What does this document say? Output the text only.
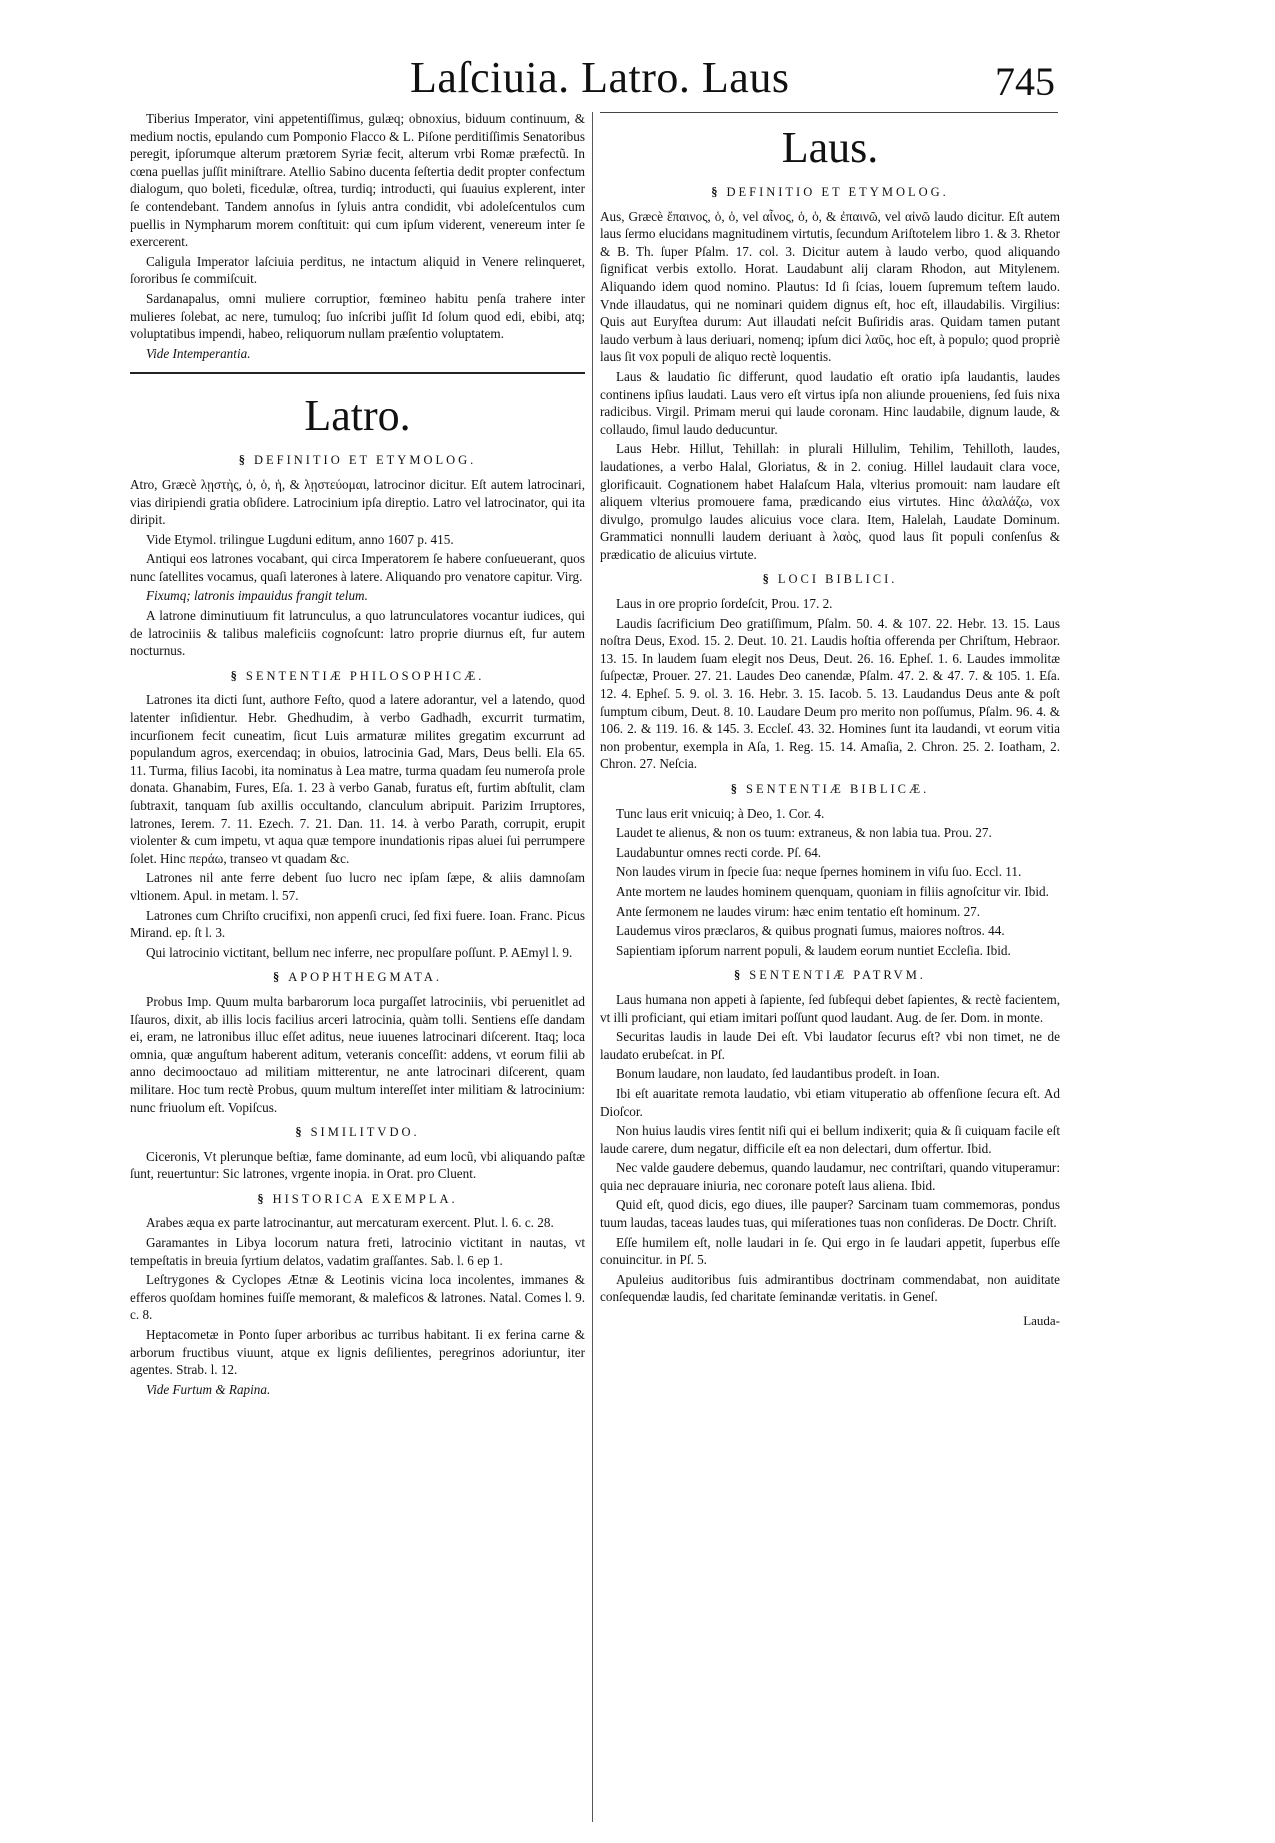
Laſciuia. Latro. Laus	745

Tiberius Imperator, vini appetentiſſimus, gulæq; obnoxius, biduum continuum, & medium noctis, epulando cum Pomponio Flacco & L. Piſone perditiſſimis Senatoribus peregit, ipſorumque alterum prætorem Syriæ fecit, alterum vrbi Romæ præfectũ. In cœna puellas juſſit miniſtrare. Atellio Sabino ducenta ſeſtertia dedit propter confectum dialogum, quo boleti, ficedulæ, oſtrea, turdiq; introducti, qui ſuauius explerent, inter ſe contendebant. Tandem annoſus in ſyluis antra condidit, vbi adoleſcentulos cum puellis in Nympharum morem conſtituit: qui cum ipſum viderent, venereum inter ſe exercerent.

Caligula Imperator laſciuia perditus, ne intactum aliquid in Venere relinqueret, ſororibus ſe commiſcuit.

Sardanapalus, omni muliere corruptior, fœmineo habitu penſa trahere inter mulieres ſolebat, ac nere, tumuloq; ſuo inſcribi juſſit Id ſolum quod edi, ebibi, atq; voluptatibus impendi, habeo, reliquorum nullam præſentio voluptatem.

Vide Intemperantia.

Latro.
§ DEFINITIO ET ETYMOLOG.

Atro, Græcè λῃστὴς, ὁ, ὁ, ἡ, & λῃστεύομαι, latrocinor dicitur. Eſt autem latrocinari, vias diripiendi gratia obſidere. Latrocinium ipſa direptio. Latro vel latrocinator, qui ita diripit.

Vide Etymol. trilingue Lugduni editum, anno 1607 p. 415.

Antiqui eos latrones vocabant, qui circa Imperatorem ſe habere conſueuerant, quos nunc ſatellites vocamus, quaſi laterones à latere. Aliquando pro venatore capitur. Virg.

Fixumq; latronis impauidus frangit telum.

A latrone diminutiuum fit latrunculus, a quo latrunculatores vocantur iudices, qui de latrociniis & talibus maleficiis cognoſcunt: latro proprie diurnus eſt, fur autem nocturnus.

§ SENTENTIÆ PHILOSOPHICÆ.

Latrones ita dicti ſunt, authore Feſto, quod a latere adorantur, vel a latendo, quod latenter inſidientur. Hebr. Ghedhudim, à verbo Gadhadh, excurrit turmatim, incurſionem fecit cuneatim, ſicut Luis armaturæ milites gregatim excurrunt ad populandum agros, exercendaq; in obuios, latrocinia Gad, Mars, Deus belli. Ela 65. 11. Turma, filius Iacobi, ita nominatus à Lea matre, turma quadam ſeu numeroſa prole donata. Ghanabim, Fures, Eſa. 1. 23 à verbo Ganab, furatus eſt, furtim abſtulit, clam ſubtraxit, tanquam ſub axillis occultando, clanculum abripuit. Parizim Irruptores, latrones, Ierem. 7. 11. Ezech. 7. 21. Dan. 11. 14. à verbo Parath, corrupit, erupit violenter & cum impetu, vt aqua quæ tempore inundationis ripas aluei ſui perrumpere ſolet. Hinc περάω, transeo vt quadam &c.

Latrones nil ante ferre debent ſuo lucro nec ipſam ſæpe, & aliis damnoſam vltionem. Apul. in metam. l. 57.

Latrones cum Chriſto crucifixi, non appenſi cruci, ſed fixi fuere. Ioan. Franc. Picus Mirand. ep. ſt l. 3.

Qui latrocinio victitant, bellum nec inferre, nec propulſare poſſunt. P. AEmyl l. 9.

§ APOPHTHEGMATA.

Probus Imp. Quum multa barbarorum loca purgaſſet latrociniis, vbi peruenitlet ad Iſauros, dixit, ab illis locis facilius arceri latrocinia, quàm tolli. Sentiens eſſe dandam ei, eram, ne latronibus illuc eſſet aditus, neue iuuenes latrocinari diſcerent. Itaq; loca omnia, quæ anguſtum haberent aditum, veteranis conceſſit: addens, vt eorum filii ab anno decimooctauo ad militiam mitterentur, ne ante latrocinari diſcerent, quam militare. Hoc tum rectè Probus, quum multum intereſſet inter militiam & latrocinium: nunc friuolum eſt. Vopiſcus.

§ SIMILITVDO.

Ciceronis, Vt plerunque beſtiæ, fame dominante, ad eum locũ, vbi aliquando paſtæ ſunt, reuertuntur: Sic latrones, vrgente inopia. in Orat. pro Cluent.

§ HISTORICA EXEMPLA.

Arabes æqua ex parte latrocinantur, aut mercaturam exercent. Plut. l. 6. c. 28.

Garamantes in Libya locorum natura freti, latrocinio victitant in nautas, vt tempeſtatis in breuia ſyrtium delatos, vadatim graſſantes. Sab. l. 6 ep 1.

Leſtrygones & Cyclopes Ætnæ & Leotinis vicina loca incolentes, immanes & efferos quoſdam homines fuiſſe memorant, & maleficos & latrones. Natal. Comes l. 9. c. 8.

Heptacometæ in Ponto ſuper arboribus ac turribus habitant. Ii ex ferina carne & arborum fructibus viuunt, atque ex lignis deſilientes, peregrinos adoriuntur, iter agentes. Strab. l. 12.

Vide Furtum & Rapina.

Laus.
§ DEFINITIO ET ETYMOLOG.

Aus, Græcè ἔπαινος, ὁ, ὁ, vel αἶνος, ὁ, ὁ, & ἐπαινῶ, vel αἰνῶ laudo dicitur. Eſt autem laus ſermo elucidans magnitudinem virtutis, ſecundum Ariſtotelem libro 1. & 3. Rhetor & B. Th. ſuper Pſalm. 17. col. 3. Dicitur autem à laudo verbo, quod aliquando ſignificat verbis extollo. Horat. Laudabunt alij claram Rhodon, aut Mitylenem. Aliquando idem quod nomino. Plautus: Id ſi ſcias, louem ſupremum teſtem laudo. Vnde illaudatus, qui ne nominari quidem dignus eſt, hoc eſt, illaudabilis. Virgilius: Quis aut Euryſtea durum: Aut illaudati neſcit Buſiridis aras. Quidam tamen putant laudo verbum à laus deriuari, nomenq; ipſum dici λαῦς, hoc eſt, à populo; quod propriè laus ſit vox populi de aliquo rectè loquentis.

Laus & laudatio ſic differunt, quod laudatio eſt oratio ipſa laudantis, laudes continens ipſius laudati. Laus vero eſt virtus ipſa non aliunde proueniens, ſed ſuis nixa radicibus. Virgil. Primam merui qui laude coronam. Hinc laudabile, dignum laude, & collaudo, ſimul laudo deducuntur.

Laus Hebr. Hillut, Tehillah: in plurali Hillulim, Tehilim, Tehilloth, laudes, laudationes, a verbo Halal, Gloriatus, & in 2. coniug. Hillel laudauit clara voce, glorificauit. Cognationem habet Halaſcum Hala, vlterius promouit: nam laudare eſt aliquem vlterius promouere fama, prædicando eius virtutes. Hinc ἀλαλάζω, vox divulgo, promulgo laudes alicuius voce clara. Item, Halelah, Laudate Dominum. Grammatici nonnulli laudem deriuant à λαὸς, quod laus ſit populi conſenſus & prædicatio de alicuius virtute.

§ LOCI BIBLICI.

Laus in ore proprio ſordeſcit, Prou. 17. 2.

Laudis ſacrificium Deo gratiſſimum, Pſalm. 50. 4. & 107. 22. Hebr. 13. 15. Laus noſtra Deus, Exod. 15. 2. Deut. 10. 21. Laudis hoſtia offerenda per Chriſtum, Hebraor. 13. 15. In laudem ſuam elegit nos Deus, Deut. 26. 16. Epheſ. 1. 6. Laudes immolitæ ſuſpectæ, Prouer. 27. 21. Laudes Deo canendæ, Pſalm. 47. 2. & 47. 7. & 105. 1. Eſa. 12. 4. Epheſ. 5. 9. ol. 3. 16. Hebr. 3. 15. Iacob. 5. 13. Laudandus Deus ante & poſt ſumptum cibum, Deut. 8. 10. Laudare Deum pro merito non poſſumus, Pſalm. 96. 4. & 106. 2. & 119. 16. & 145. 3. Eccleſ. 43. 32. Homines ſunt ita laudandi, vt eorum vitia non probentur, exempla in Aſa, 1. Reg. 15. 14. Amaſia, 2. Chron. 25. 2. Ioatham, 2. Chron. 27. Neſcia.

§ SENTENTIÆ BIBLICÆ.

Tunc laus erit vnicuiq; à Deo, 1. Cor. 4.

Laudet te alienus, & non os tuum: extraneus, & non labia tua. Prou. 27.

Laudabuntur omnes recti corde. Pſ. 64.

Non laudes virum in ſpecie ſua: neque ſpernes hominem in viſu ſuo. Eccl. 11.

Ante mortem ne laudes hominem quenquam, quoniam in filiis agnoſcitur vir. Ibid.

Ante ſermonem ne laudes virum: hæc enim tentatio eſt hominum. 27.

Laudemus viros præclaros, & quibus prognati ſumus, maiores noſtros. 44.

Sapientiam ipſorum narrent populi, & laudem eorum nuntiet Eccleſia. Ibid.

§ SENTENTIÆ PATRVM.

Laus humana non appeti à ſapiente, ſed ſubſequi debet ſapientes, & rectè facientem, vt illi proficiant, qui etiam imitari poſſunt quod laudant. Aug. de ſer. Dom. in monte.

Securitas laudis in laude Dei eſt. Vbi laudator ſecurus eſt? vbi non timet, ne de laudato erubeſcat. in Pſ.

Bonum laudare, non laudato, ſed laudantibus prodeſt. in Ioan.

Ibi eſt auaritate remota laudatio, vbi etiam vituperatio ab offenſione ſecura eſt. Ad Dioſcor.

Non huius laudis vires ſentit niſi qui ei bellum indixerit; quia & ſi cuiquam facile eſt laude carere, dum negatur, difficile eſt ea non delectari, dum offertur. Ibid.

Nec valde gaudere debemus, quando laudamur, nec contriſtari, quando vituperamur: quia nec deprauare iniuria, nec coronare poteſt laus aliena. Ibid.

Quid eſt, quod dicis, ego diues, ille pauper? Sarcinam tuam commemoras, pondus tuum laudas, taceas laudes tuas, qui miſerationes tuas non conſideras. De Doctr. Chriſt.

Eſſe humilem eſt, nolle laudari in ſe. Qui ergo in ſe laudari appetit, ſuperbus eſſe conuincitur. in Pſ. 5.

Apuleius auditoribus ſuis admirantibus doctrinam commendabat, non auiditate conſequendæ laudis, ſed charitate ſeminandæ veritatis. in Geneſ.

Lauda-
